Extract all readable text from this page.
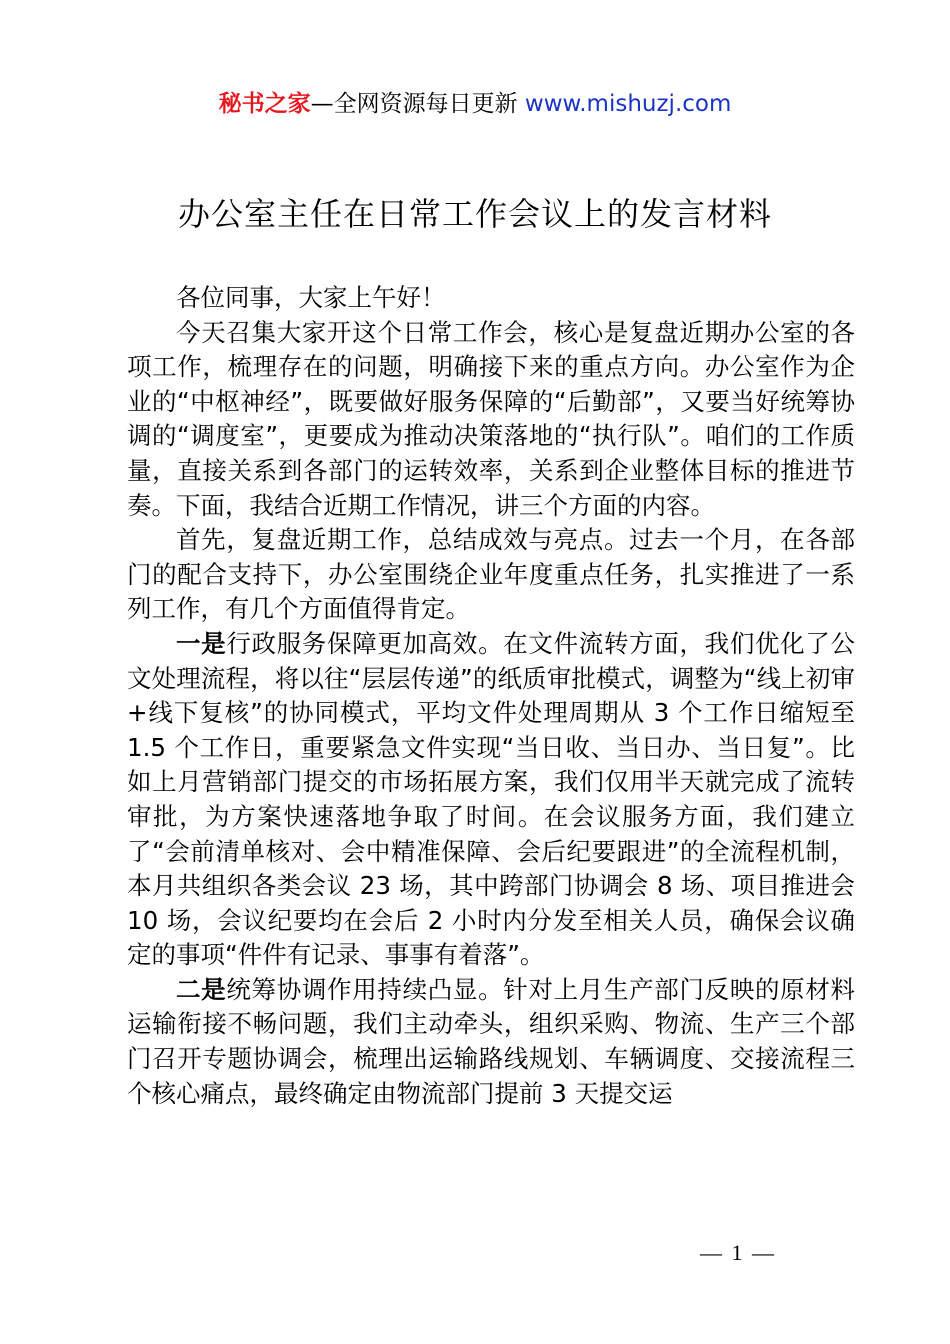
秘书之家—全网资源每日更新 www.mishuzj.com
办公室主任在日常工作会议上的发言材料

各位同事，大家上午好！

今天召集大家开这个日常工作会，核心是复盘近期办公室的各项工作，梳理存在的问题，明确接下来的重点方向。办公室作为企业的“中枢神经”，既要做好服务保障的“后勤部”，又要当好统筹协调的“调度室”，更要成为推动决策落地的“执行队”。咱们的工作质量，直接关系到各部门的运转效率，关系到企业整体目标的推进节奏。下面，我结合近期工作情况，讲三个方面的内容。

首先，复盘近期工作，总结成效与亮点。过去一个月，在各部门的配合支持下，办公室围绕企业年度重点任务，扎实推进了一系列工作，有几个方面值得肯定。

一是行政服务保障更加高效。在文件流转方面，我们优化了公文处理流程，将以往“层层传递”的纸质审批模式，调整为“线上初审+线下复核”的协同模式，平均文件处理周期从 3 个工作日缩短至 1.5 个工作日，重要紧急文件实现“当日收、当日办、当日复”。比如上月营销部门提交的市场拓展方案，我们仅用半天就完成了流转审批，为方案快速落地争取了时间。在会议服务方面，我们建立了“会前清单核对、会中精准保障、会后纪要跟进”的全流程机制，本月共组织各类会议 23 场，其中跨部门协调会 8 场、项目推进会 10 场，会议纪要均在会后 2 小时内分发至相关人员，确保会议确定的事项“件件有记录、事事有着落”。

二是统筹协调作用持续凸显。针对上月生产部门反映的原材料运输衔接不畅问题，我们主动牵头，组织采购、物流、生产三个部门召开专题协调会，梳理出运输路线规划、车辆调度、交接流程三个核心痛点，最终确定由物流部门提前 3 天提交运

— 1 —
